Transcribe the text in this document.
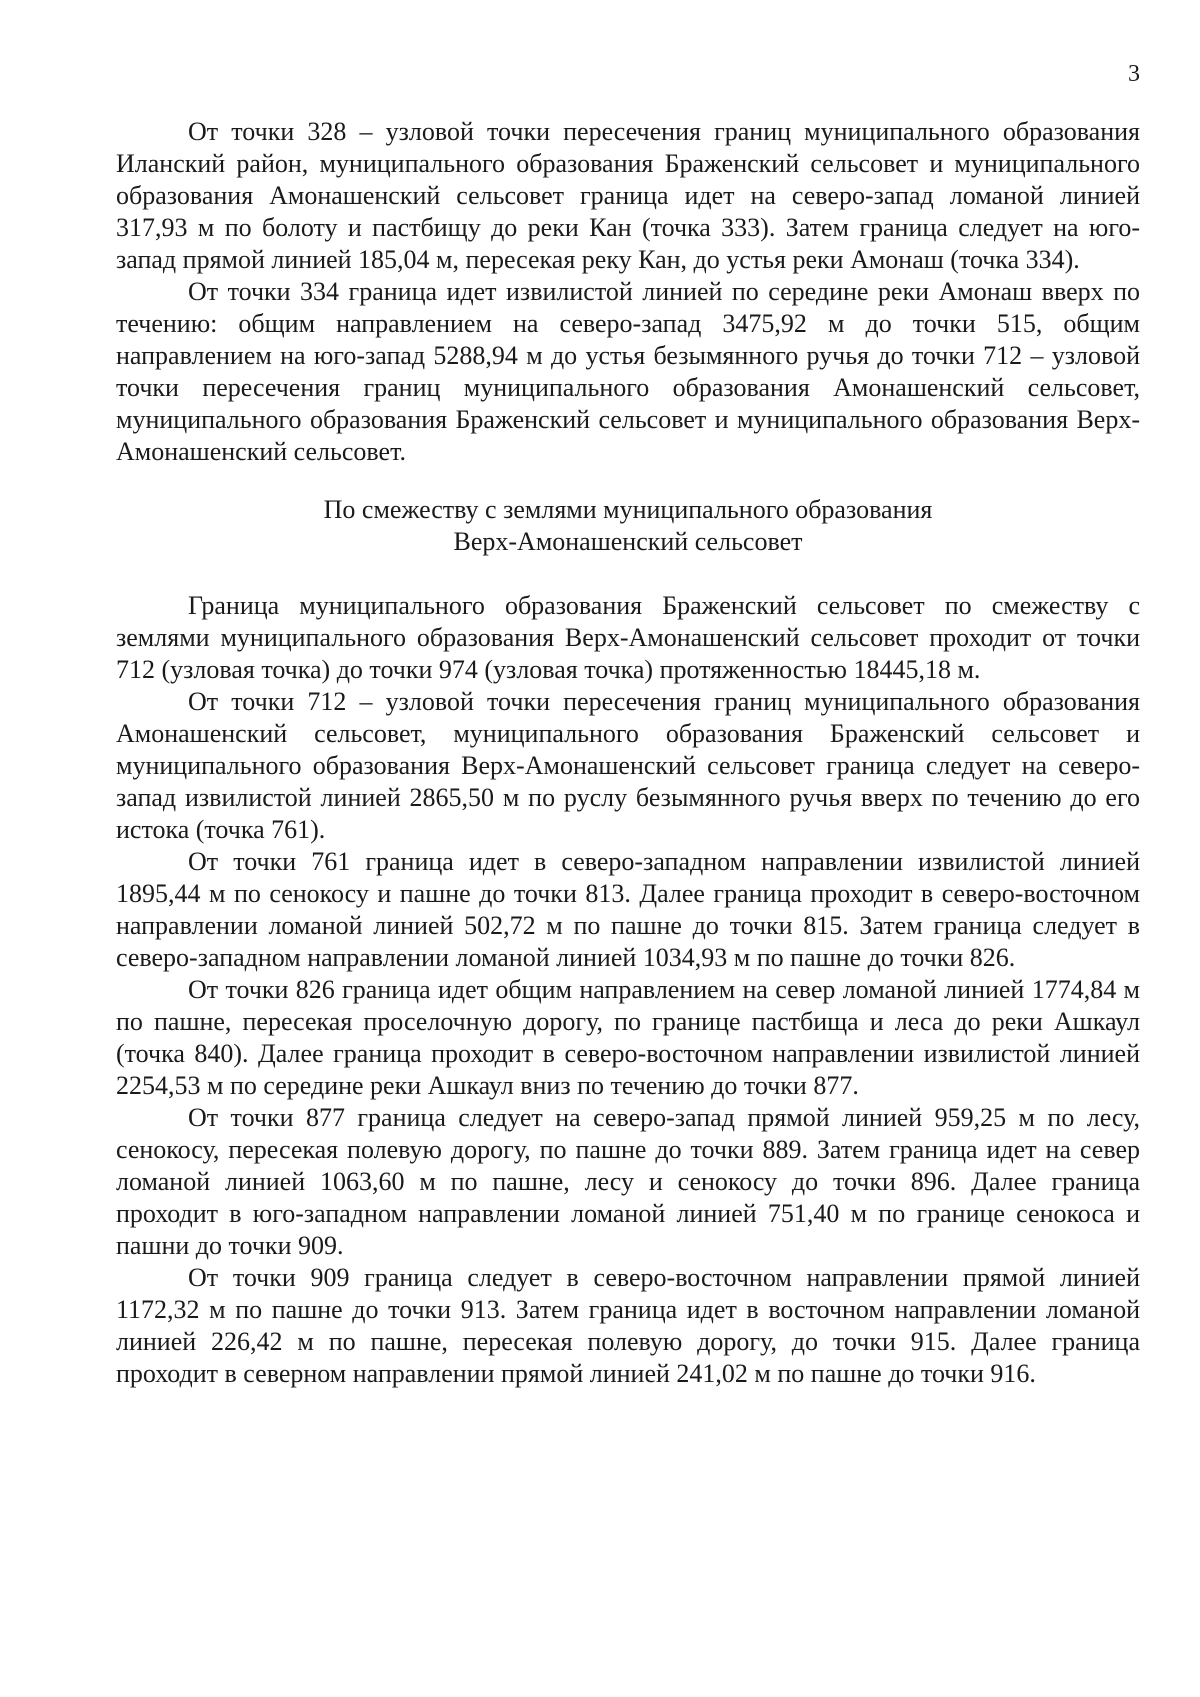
3

От точки 328 – узловой точки пересечения границ муниципального образования Иланский район, муниципального образования Браженский сельсовет и муниципального образования Амонашенский сельсовет граница идет на северо-запад ломаной линией 317,93 м по болоту и пастбищу до реки Кан (точка 333). Затем граница следует на юго-запад прямой линией 185,04 м, пересекая реку Кан, до устья реки Амонаш (точка 334).

От точки 334 граница идет извилистой линией по середине реки Амонаш вверх по течению: общим направлением на северо-запад 3475,92 м до точки 515, общим направлением на юго-запад 5288,94 м до устья безымянного ручья до точки 712 – узловой точки пересечения границ муниципального образования Амонашенский сельсовет, муниципального образования Браженский сельсовет и муниципального образования Верх-Амонашенский сельсовет.

По смежеству с землями муниципального образования
Верх-Амонашенский сельсовет

Граница муниципального образования Браженский сельсовет по смежеству с землями муниципального образования Верх-Амонашенский сельсовет проходит от точки 712 (узловая точка) до точки 974 (узловая точка) протяженностью 18445,18 м.

От точки 712 – узловой точки пересечения границ муниципального образования Амонашенский сельсовет, муниципального образования Браженский сельсовет и муниципального образования Верх-Амонашенский сельсовет граница следует на северо-запад извилистой линией 2865,50 м по руслу безымянного ручья вверх по течению до его истока (точка 761).

От точки 761 граница идет в северо-западном направлении извилистой линией 1895,44 м по сенокосу и пашне до точки 813. Далее граница проходит в северо-восточном направлении ломаной линией 502,72 м по пашне до точки 815. Затем граница следует в северо-западном направлении ломаной линией 1034,93 м по пашне до точки 826.

От точки 826 граница идет общим направлением на север ломаной линией 1774,84 м по пашне, пересекая проселочную дорогу, по границе пастбища и леса до реки Ашкаул (точка 840). Далее граница проходит в северо-восточном направлении извилистой линией 2254,53 м по середине реки Ашкаул вниз по течению до точки 877.

От точки 877 граница следует на северо-запад прямой линией 959,25 м по лесу, сенокосу, пересекая полевую дорогу, по пашне до точки 889. Затем граница идет на север ломаной линией 1063,60 м по пашне, лесу и сенокосу до точки 896. Далее граница проходит в юго-западном направлении ломаной линией 751,40 м по границе сенокоса и пашни до точки 909.

От точки 909 граница следует в северо-восточном направлении прямой линией 1172,32 м по пашне до точки 913. Затем граница идет в восточном направлении ломаной линией 226,42 м по пашне, пересекая полевую дорогу, до точки 915. Далее граница проходит в северном направлении прямой линией 241,02 м по пашне до точки 916.
